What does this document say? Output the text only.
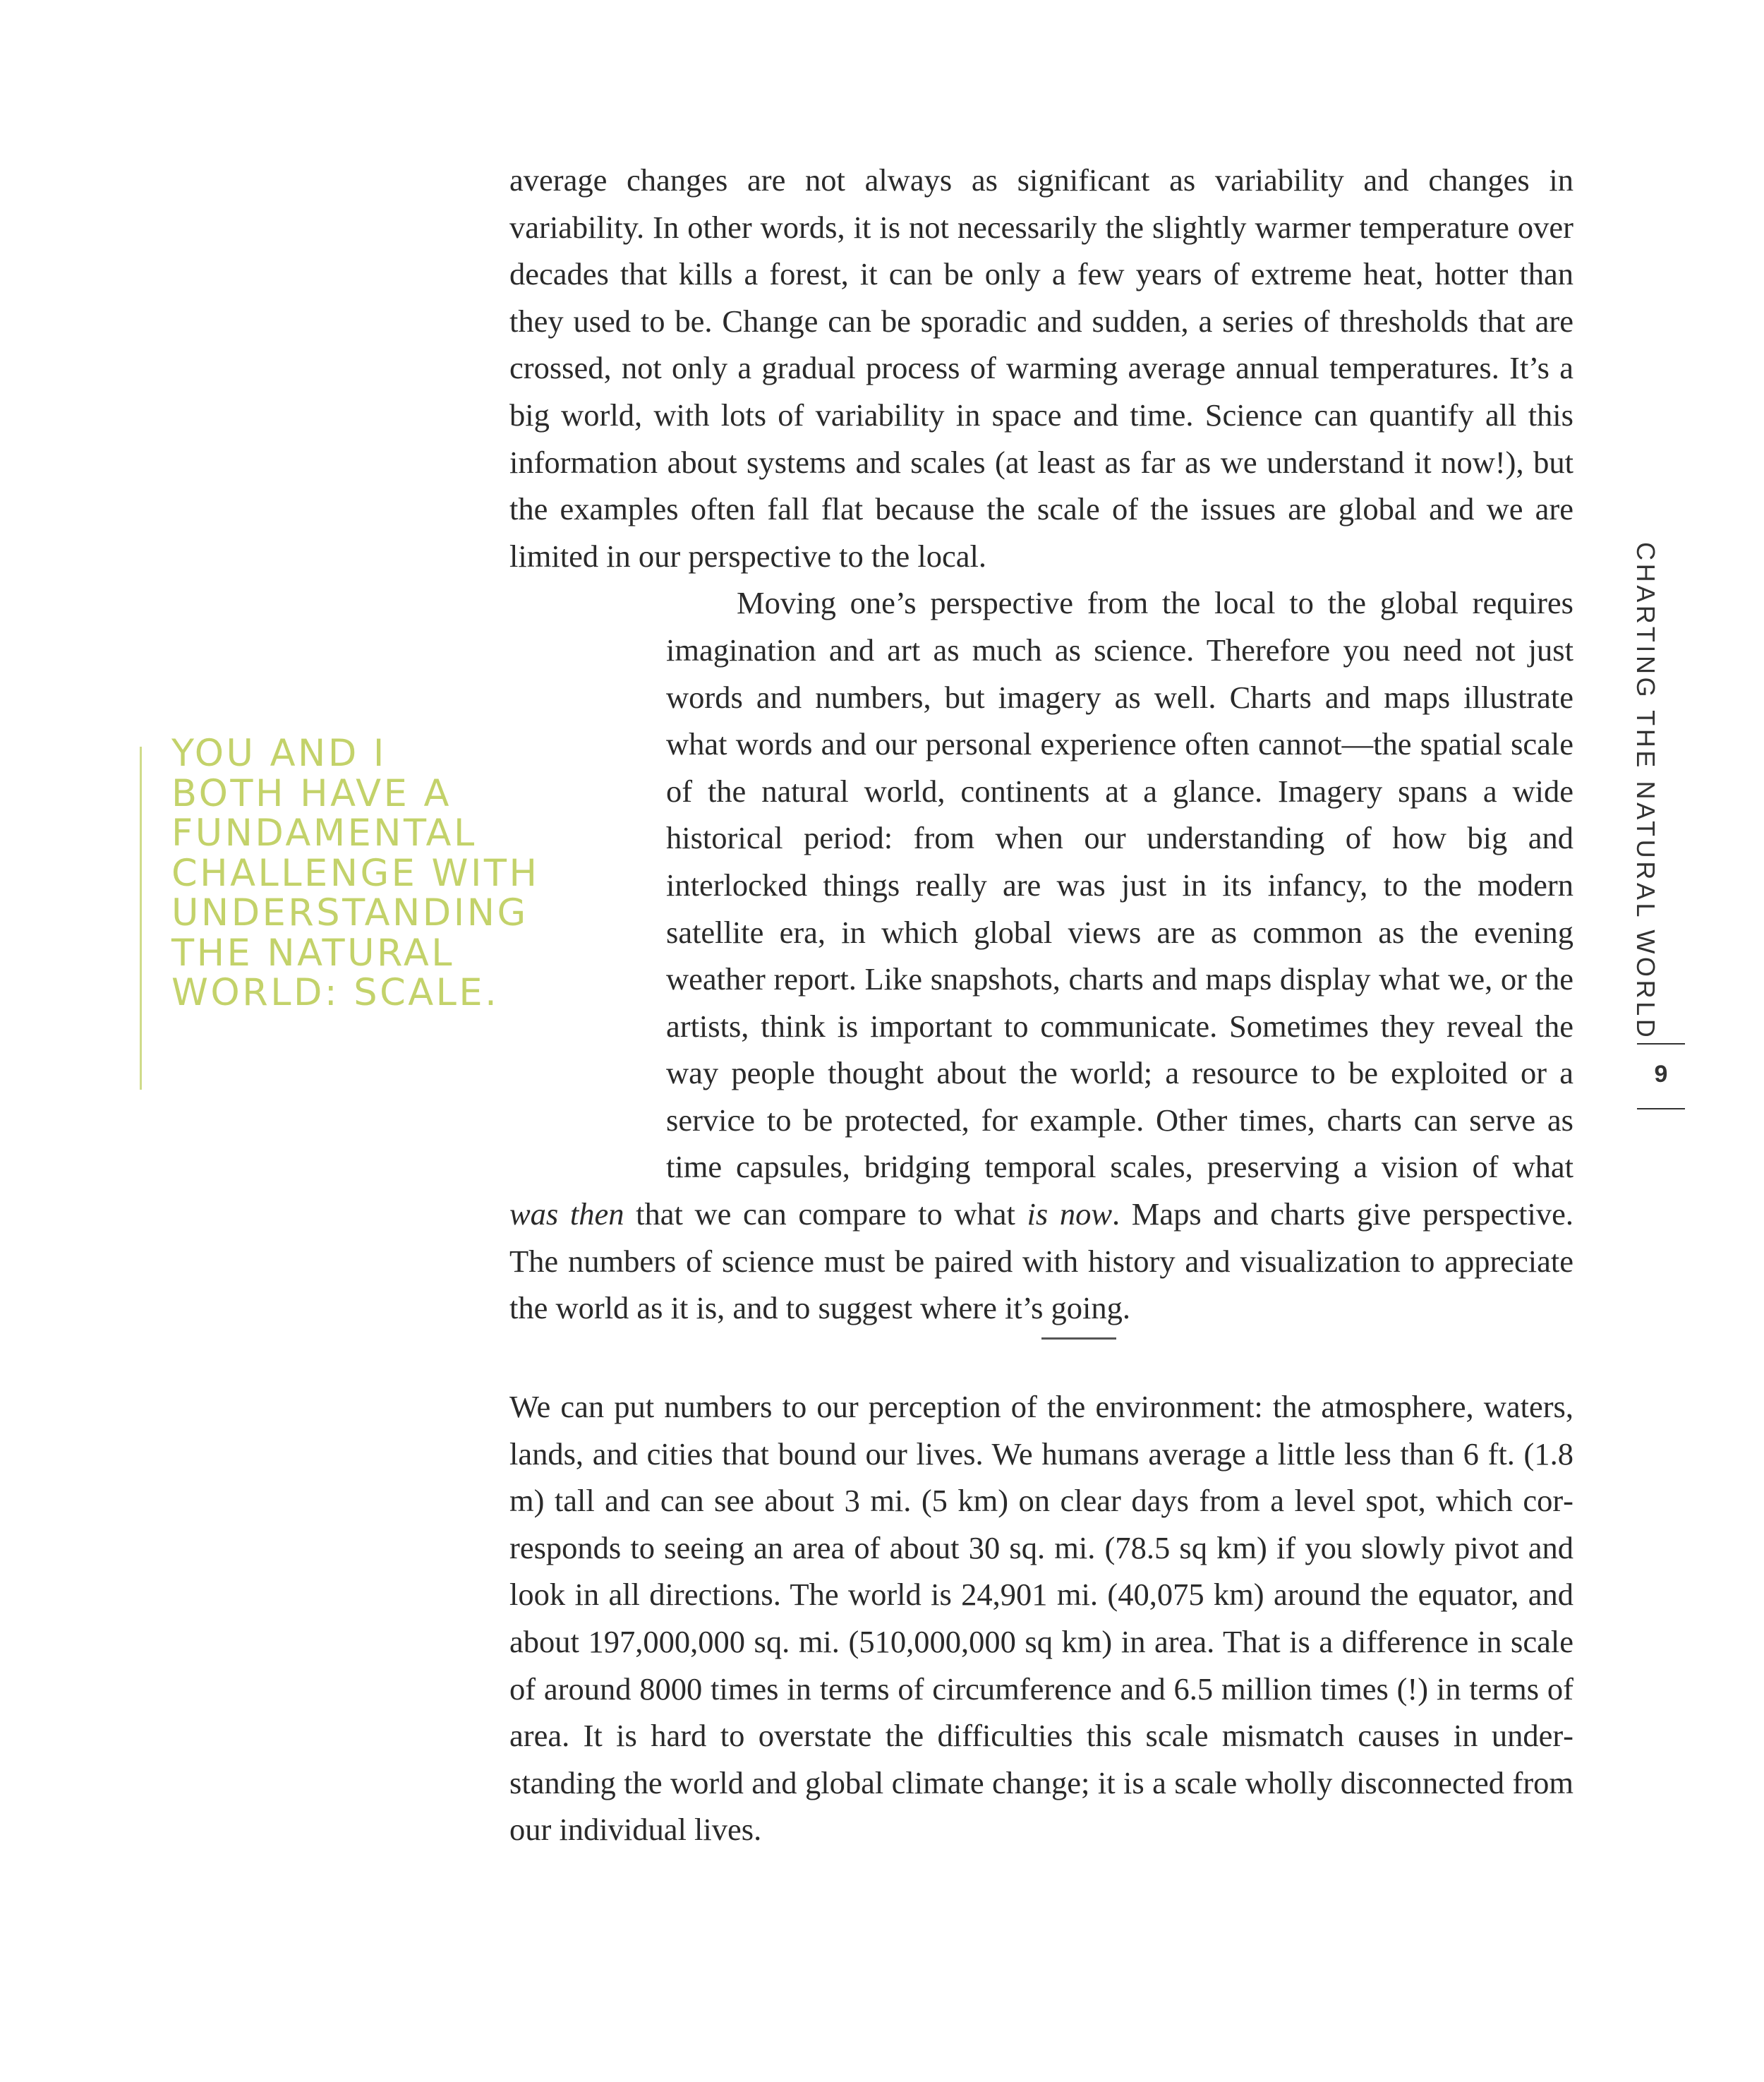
average changes are not always as significant as variability and changes in variability. In other words, it is not necessarily the slightly warmer temperature over decades that kills a forest, it can be only a few years of extreme heat, hotter than they used to be. Change can be sporadic and sudden, a series of thresholds that are crossed, not only a gradual process of warming average annual temperatures. It’s a big world, with lots of variability in space and time. Science can quantify all this information about systems and scales (at least as far as we understand it now!), but the examples often fall flat because the scale of the issues are global and we are limited in our perspective to the local.

Moving one’s perspective from the local to the global requires imagination and art as much as science. Therefore you need not just words and numbers, but imagery as well. Charts and maps illustrate what words and our personal experience often cannot—the spatial scale of the natural world, continents at a glance. Imagery spans a wide historical period: from when our understanding of how big and interlocked things really are was just in its infancy, to the modern satellite era, in which global views are as common as the evening weather report. Like snapshots, charts and maps display what we, or the artists, think is important to communicate. Sometimes they reveal the way people thought about the world; a resource to be exploited or a service to be protected, for example. Other times, charts can serve as time capsules, bridging temporal scales, preserving a vision of what was then that we can compare to what is now. Maps and charts give perspective. The numbers of science must be paired with history and visualization to appreciate the world as it is, and to suggest where it’s going.

YOU AND I
BOTH HAVE A
FUNDAMENTAL
CHALLENGE WITH
UNDERSTANDING
THE NATURAL
WORLD: SCALE.

We can put numbers to our perception of the environment: the atmosphere, waters, lands, and cities that bound our lives. We humans average a little less than 6 ft. (1.8 m) tall and can see about 3 mi. (5 km) on clear days from a level spot, which corresponds to seeing an area of about 30 sq. mi. (78.5 sq km) if you slowly pivot and look in all directions. The world is 24,901 mi. (40,075 km) around the equator, and about 197,000,000 sq. mi. (510,000,000 sq km) in area. That is a difference in scale of around 8000 times in terms of circumference and 6.5 million times (!) in terms of area. It is hard to overstate the difficulties this scale mismatch causes in understanding the world and global climate change; it is a scale wholly disconnected from our individual lives.

CHARTING THE NATURAL WORLD
9
